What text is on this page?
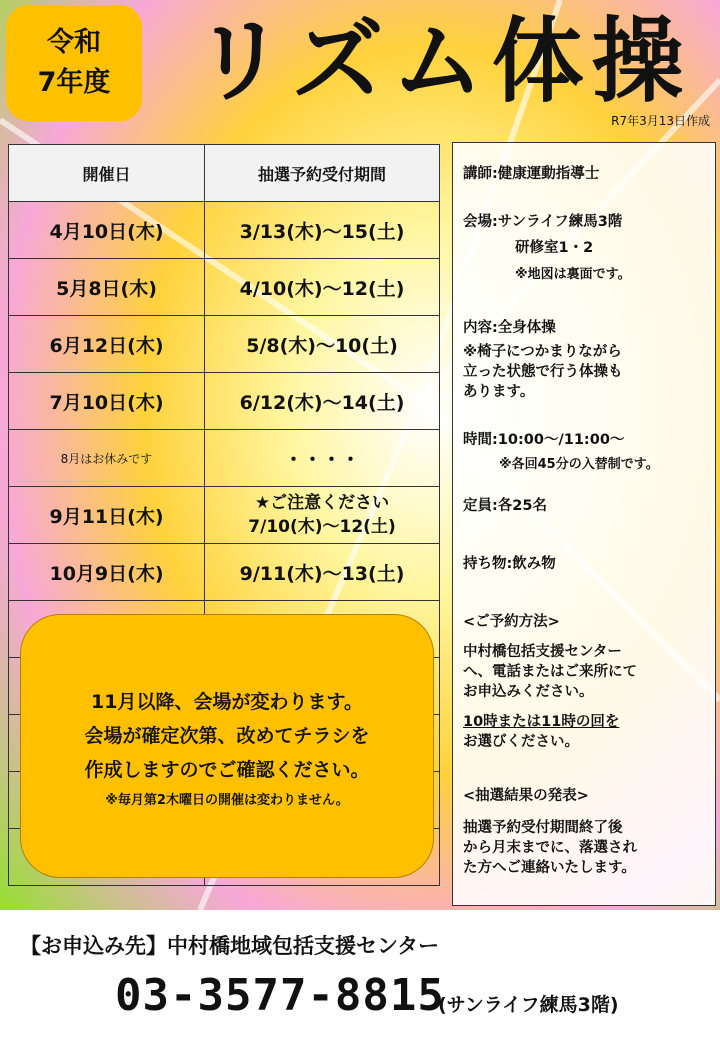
令和
7年度 リズム体操
R7年3月13日作成
開催日	抽選予約受付期間
4月10日(木)	3/13(木)～15(土)
5月8日(木)	4/10(木)～12(土)
6月12日(木)	5/8(木)～10(土)
7月10日(木)	6/12(木)～14(土)
8月はお休みです	・・・・
9月11日(木)	★ご注意ください
7/10(木)～12(土)

10月9日(木)	9/11(木)～13(土)

11月以降、会場が変わります。
会場が確定次第、改めてチラシを
作成しますのでご確認ください。
※毎月第2木曜日の開催は変わりません。
講師:健康運動指導士
会場:サンライフ練馬3階
研修室1・2
※地図は裏面です。
内容:全身体操
※椅子につかまりながら
立った状態で行う体操も
あります。
時間:10:00～/11:00～
※各回45分の入替制です。
定員:各25名
持ち物:飲み物
<ご予約方法>
中村橋包括支援センター
へ、電話またはご来所にて
お申込みください。
10時または11時の回を
お選びください。
<抽選結果の発表>
抽選予約受付期間終了後
から月末までに、落選され
た方へご連絡いたします。
【お申込み先】中村橋地域包括支援センター
03-3577-8815
(サンライフ練馬3階)
